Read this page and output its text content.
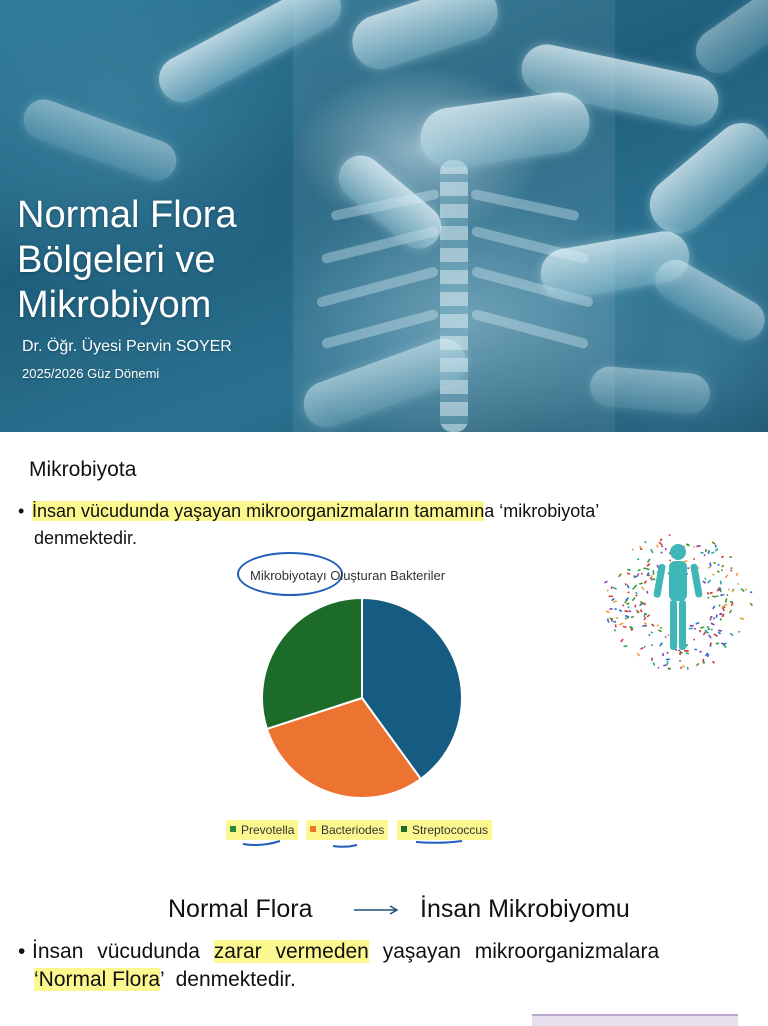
Normal Flora Bölgeleri ve Mikrobiyom
Dr. Öğr. Üyesi Pervin SOYER
2025/2026 Güz Dönemi
Mikrobiyota
• İnsan vücudunda yaşayan mikroorganizmaların tamamına ‘mikrobiyota’
denmektedir.
Mikrobiyotayı Oluşturan Bakteriler
Prevotella	Bacteriodes	Streptococcus
Normal Flora	İnsan Mikrobiyomu
• İnsan vücudunda zarar vermeden yaşayan mikroorganizmalara
‘Normal Flora’  denmektedir.
